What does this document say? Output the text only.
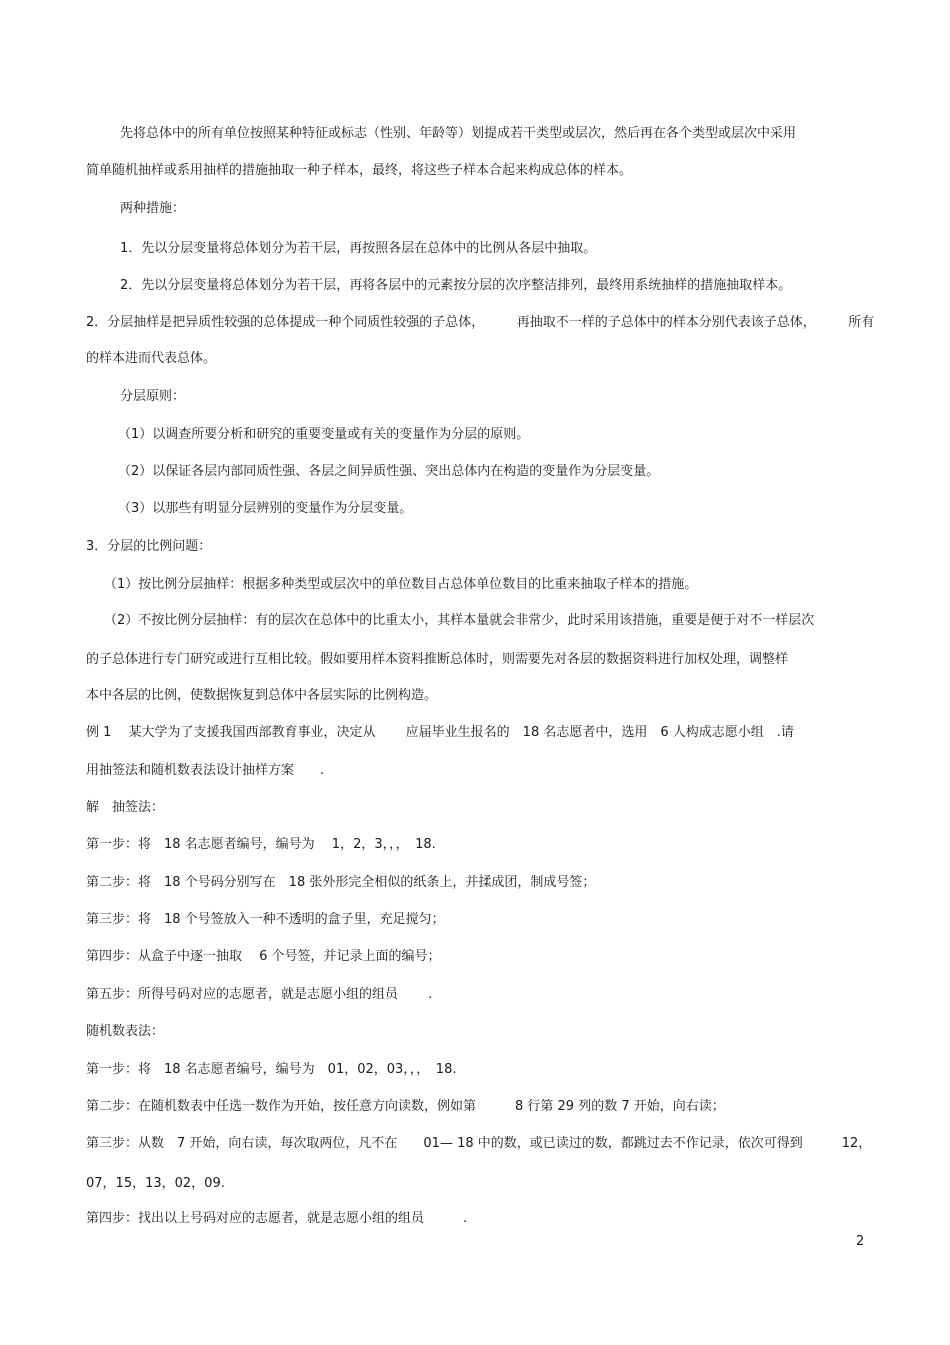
先将总体中的所有单位按照某种特征或标志（性别、年龄等）划提成若干类型或层次，然后再在各个类型或层次中采用

简单随机抽样或系用抽样的措施抽取一种子样本，最终，将这些子样本合起来构成总体的样本。

两种措施：

1．先以分层变量将总体划分为若干层，再按照各层在总体中的比例从各层中抽取。

2．先以分层变量将总体划分为若干层，再将各层中的元素按分层的次序整洁排列，最终用系统抽样的措施抽取样本。

2．分层抽样是把异质性较强的总体提成一种个同质性较强的子总体，　　　再抽取不一样的子总体中的样本分别代表该子总体，　　　所有

的样本进而代表总体。

分层原则：

（1）以调查所要分析和研究的重要变量或有关的变量作为分层的原则。

（2）以保证各层内部同质性强、各层之间异质性强、突出总体内在构造的变量作为分层变量。

（3）以那些有明显分层辨别的变量作为分层变量。

3．分层的比例问题：

（1）按比例分层抽样：根据多种类型或层次中的单位数目占总体单位数目的比重来抽取子样本的措施。

（2）不按比例分层抽样：有的层次在总体中的比重太小，其样本量就会非常少，此时采用该措施，重要是便于对不一样层次

的子总体进行专门研究或进行互相比较。假如要用样本资料推断总体时，则需要先对各层的数据资料进行加权处理，调整样

本中各层的比例，使数据恢复到总体中各层实际的比例构造。

例 1　 某大学为了支援我国西部教育事业，决定从　　 应届毕业生报名的　18 名志愿者中，选用　6 人构成志愿小组　.请

用抽签法和随机数表法设计抽样方案　　.

解　抽签法：

第一步：将　18 名志愿者编号，编号为　 1，2，3，，，　18.

第二步：将　18 个号码分别写在　18 张外形完全相似的纸条上，并揉成团，制成号签；

第三步：将　18 个号签放入一种不透明的盒子里，充足搅匀；

第四步：从盒子中逐一抽取　 6 个号签，并记录上面的编号；

第五步：所得号码对应的志愿者，就是志愿小组的组员　　 .

随机数表法：

第一步：将　18 名志愿者编号，编号为　01，02，03，，，　18.

第二步：在随机数表中任选一数作为开始，按任意方向读数，例如第　　　8 行第 29 列的数 7 开始，向右读；

第三步：从数　7 开始，向右读，每次取两位，凡不在　　01— 18 中的数，或已读过的数，都跳过去不作记录，依次可得到　　　12，

07，15，13，02，09.

第四步：找出以上号码对应的志愿者，就是志愿小组的组员　　　.

2
